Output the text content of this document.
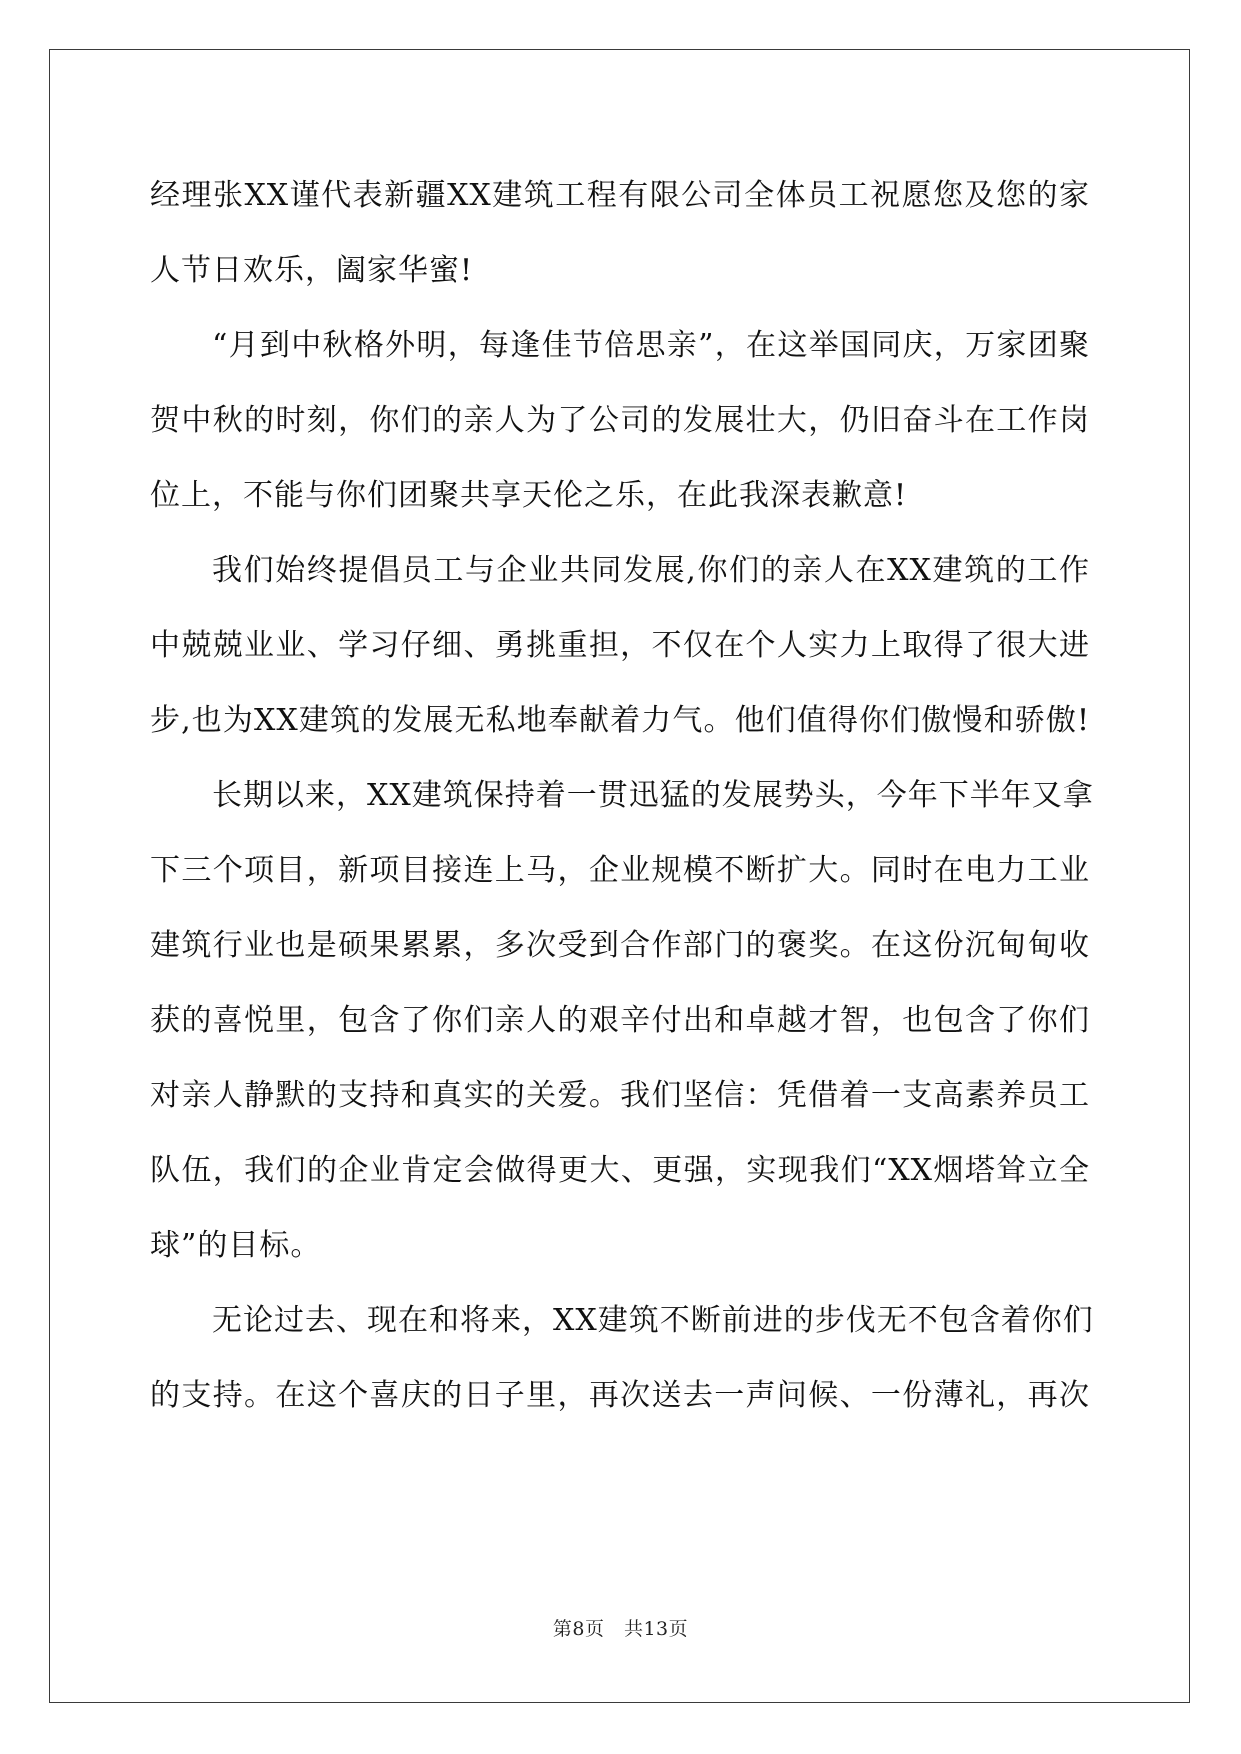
经理张XX谨代表新疆XX建筑工程有限公司全体员工祝愿您及您的家
人节日欢乐，阖家华蜜!
“月到中秋格外明，每逢佳节倍思亲”，在这举国同庆，万家团聚
贺中秋的时刻，你们的亲人为了公司的发展壮大，仍旧奋斗在工作岗
位上，不能与你们团聚共享天伦之乐，在此我深表歉意!
我们始终提倡员工与企业共同发展,你们的亲人在XX建筑的工作
中兢兢业业、学习仔细、勇挑重担，不仅在个人实力上取得了很大进
步,也为XX建筑的发展无私地奉献着力气。他们值得你们傲慢和骄傲!
长期以来，XX建筑保持着一贯迅猛的发展势头，今年下半年又拿
下三个项目，新项目接连上马，企业规模不断扩大。同时在电力工业
建筑行业也是硕果累累，多次受到合作部门的褒奖。在这份沉甸甸收
获的喜悦里，包含了你们亲人的艰辛付出和卓越才智，也包含了你们
对亲人静默的支持和真实的关爱。我们坚信：凭借着一支高素养员工
队伍，我们的企业肯定会做得更大、更强，实现我们“XX烟塔耸立全
球”的目标。
无论过去、现在和将来，XX建筑不断前进的步伐无不包含着你们
的支持。在这个喜庆的日子里，再次送去一声问候、一份薄礼，再次
第8页　共13页
